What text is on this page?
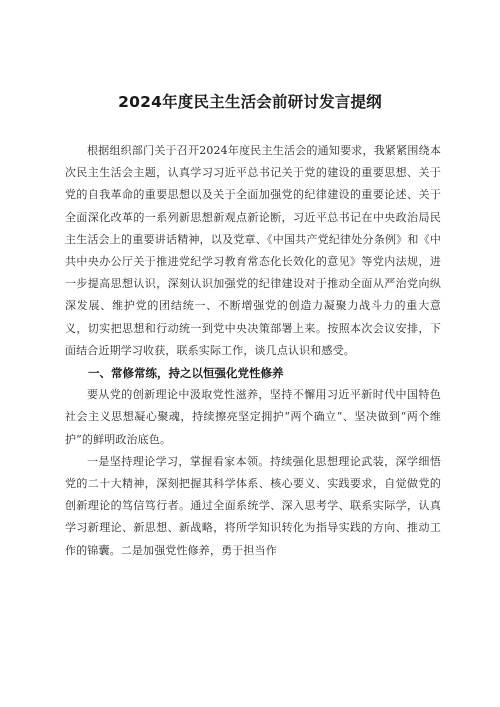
2024年度民主生活会前研讨发言提纲

根据组织部门关于召开2024年度民主生活会的通知要求，我紧紧围绕本次民主生活会主题，认真学习习近平总书记关于党的建设的重要思想、关于党的自我革命的重要思想以及关于全面加强党的纪律建设的重要论述、关于全面深化改革的一系列新思想新观点新论断，习近平总书记在中央政治局民主生活会上的重要讲话精神，以及党章、《中国共产党纪律处分条例》和《中共中央办公厅关于推进党纪学习教育常态化长效化的意见》等党内法规，进一步提高思想认识，深刻认识加强党的纪律建设对于推动全面从严治党向纵深发展、维护党的团结统一、不断增强党的创造力凝聚力战斗力的重大意义，切实把思想和行动统一到党中央决策部署上来。按照本次会议安排，下面结合近期学习收获，联系实际工作，谈几点认识和感受。

一、常修常练，持之以恒强化党性修养

要从党的创新理论中汲取党性滋养，坚持不懈用习近平新时代中国特色社会主义思想凝心聚魂，持续擦亮坚定拥护“两个确立”、坚决做到“两个维护”的鲜明政治底色。

一是坚持理论学习，掌握看家本领。持续强化思想理论武装，深学细悟党的二十大精神，深刻把握其科学体系、核心要义、实践要求，自觉做党的创新理论的笃信笃行者。通过全面系统学、深入思考学、联系实际学，认真学习新理论、新思想、新战略，将所学知识转化为指导实践的方向、推动工作的锦囊。二是加强党性修养，勇于担当作
